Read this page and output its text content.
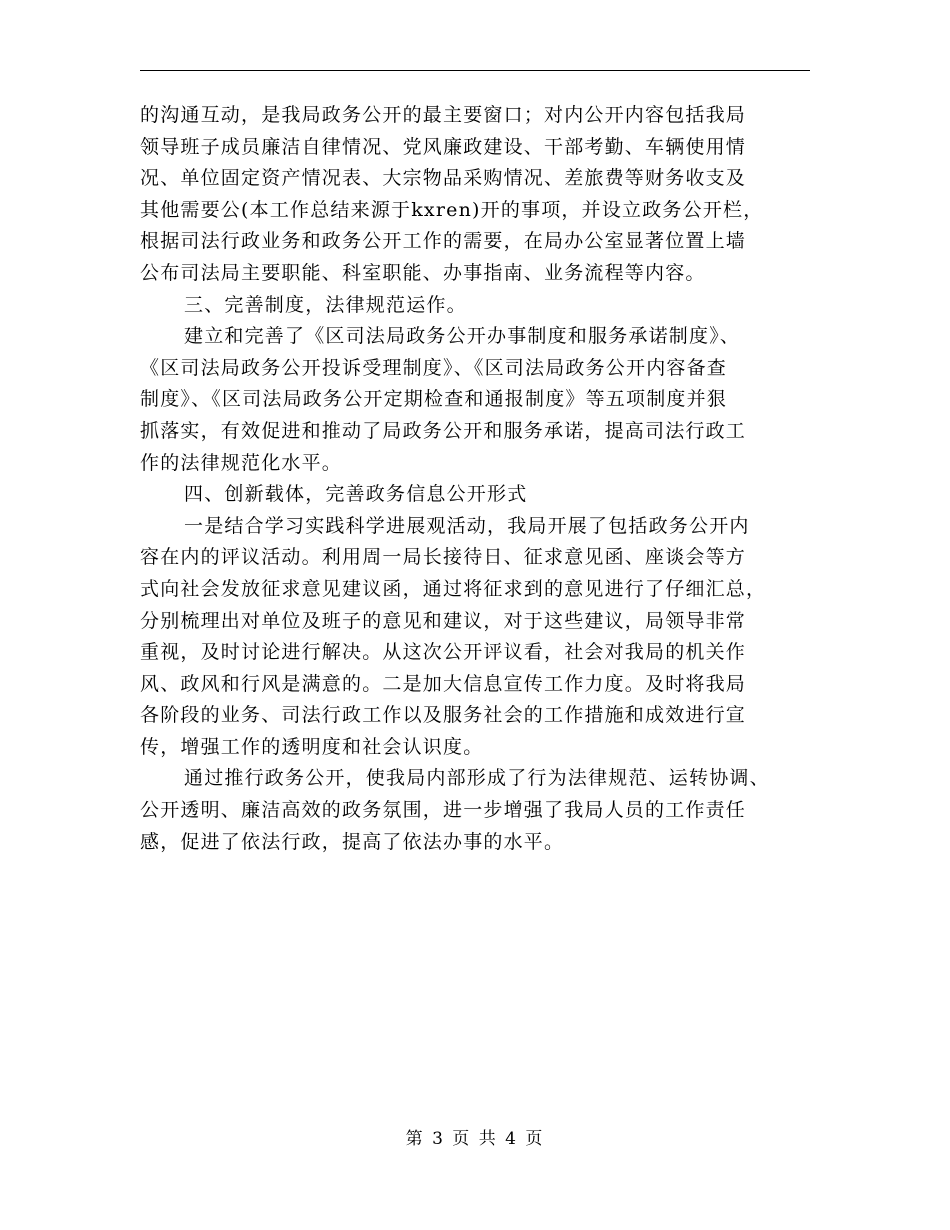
的沟通互动，是我局政务公开的最主要窗口；对内公开内容包括我局
领导班子成员廉洁自律情况、党风廉政建设、干部考勤、车辆使用情
况、单位固定资产情况表、大宗物品采购情况、差旅费等财务收支及
其他需要公(本工作总结来源于kxren)开的事项，并设立政务公开栏，
根据司法行政业务和政务公开工作的需要，在局办公室显著位置上墙
公布司法局主要职能、科室职能、办事指南、业务流程等内容。
三、完善制度，法律规范运作。
建立和完善了《区司法局政务公开办事制度和服务承诺制度》、
《区司法局政务公开投诉受理制度》、《区司法局政务公开内容备查
制度》、《区司法局政务公开定期检查和通报制度》等五项制度并狠
抓落实，有效促进和推动了局政务公开和服务承诺，提高司法行政工
作的法律规范化水平。
四、创新载体，完善政务信息公开形式
一是结合学习实践科学进展观活动，我局开展了包括政务公开内
容在内的评议活动。利用周一局长接待日、征求意见函、座谈会等方
式向社会发放征求意见建议函，通过将征求到的意见进行了仔细汇总，
分别梳理出对单位及班子的意见和建议，对于这些建议，局领导非常
重视，及时讨论进行解决。从这次公开评议看，社会对我局的机关作
风、政风和行风是满意的。二是加大信息宣传工作力度。及时将我局
各阶段的业务、司法行政工作以及服务社会的工作措施和成效进行宣
传，增强工作的透明度和社会认识度。
通过推行政务公开，使我局内部形成了行为法律规范、运转协调、
公开透明、廉洁高效的政务氛围，进一步增强了我局人员的工作责任
感，促进了依法行政，提高了依法办事的水平。
第 3 页 共 4 页
